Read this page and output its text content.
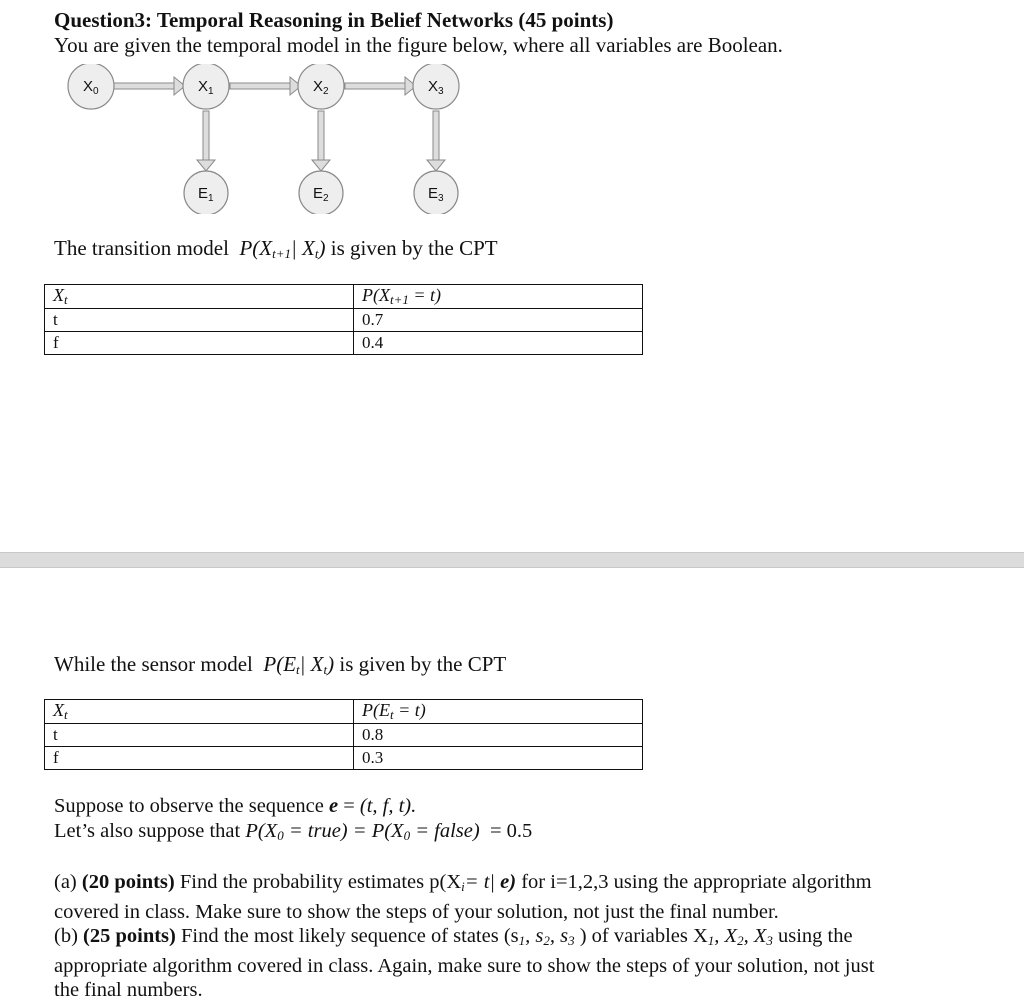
Question3: Temporal Reasoning in Belief Networks (45 points)
You are given the temporal model in the figure below, where all variables are Boolean.
$X_0$	$X_1$	$X_2$	$X_3$
$E_1$	$E_2$	$E_3$
The transition model $P(X_{t+1}|$ $X_t$) is given by the CPT
$X_t$	$P(X_{t+1} = t)$
t	0.7
f	0.4
While the sensor model $P(E_t|$ $X_t$) is given by the CPT
$X_t$	$P(E_t = t)$
t	0.8
f	0.3
Suppose to observe the sequence e = (t, f, t).
Let’s also suppose that $P(X_0$ = true) = $P(X_0$ = false) = 0.5
(a) (20 points) Find the probability estimates $p(X_i= t|$ e) for i=1,2,3 using the appropriate algorithm
covered in class. Make sure to show the steps of your solution, not just the final number.
(b) (25 points) Find the most likely sequence of states ($s_1$, $s_2$, $s_3$ ) of variables $X_1$, $X_2$, $X_3$ using the
appropriate algorithm covered in class. Again, make sure to show the steps of your solution, not just
the final numbers.
